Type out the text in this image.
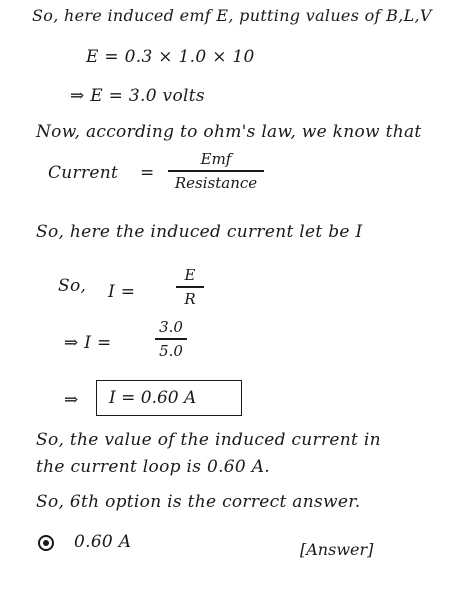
So, here induced emf E, putting values of B,L,V
E = 0.3 × 1.0 × 10
⇒ E = 3.0 volts
Now, according to ohm's law, we know that
Current =
Emf
Resistance
So, here the induced current let be I
So, I =
E
R
⇒ I =
3.0
5.0
⇒	I = 0.60 A
So, the value of the induced current in
the current loop is 0.60 A.
So, 6th option is the correct answer.
0.60 A	[Answer]
